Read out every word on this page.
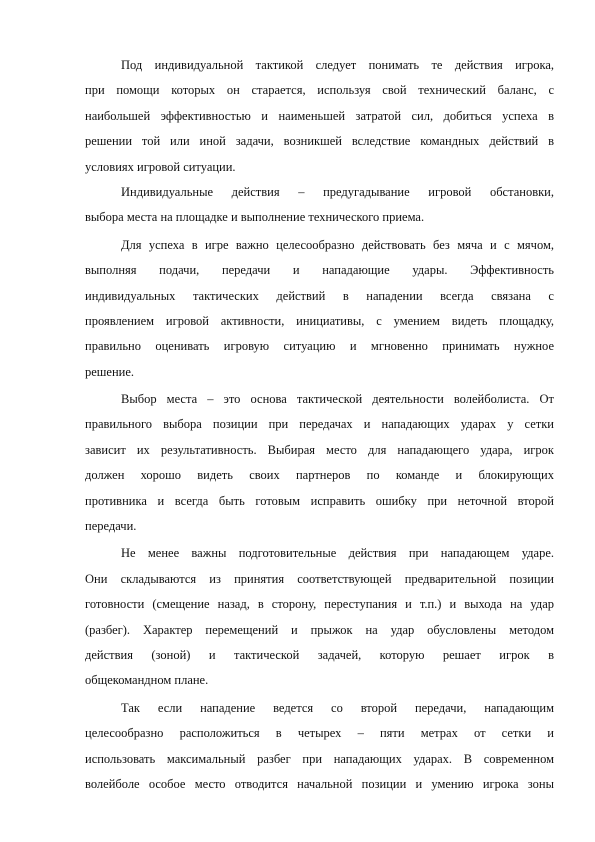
Под индивидуальной тактикой следует понимать те действия игрока,
при помощи которых он старается, используя свой технический баланс, с
наибольшей эффективностью и наименьшей затратой сил, добиться успеха в
решении той или иной задачи, возникшей вследствие командных действий в
условиях игровой ситуации.
Индивидуальные действия – предугадывание игровой обстановки,
выбора места на площадке и выполнение технического приема.
Для успеха в игре важно целесообразно действовать без мяча и с мячом,
выполняя подачи, передачи и нападающие удары. Эффективность
индивидуальных тактических действий в нападении всегда связана с
проявлением игровой активности, инициативы, с умением видеть площадку,
правильно оценивать игровую ситуацию и мгновенно принимать нужное
решение.
Выбор места – это основа тактической деятельности волейболиста. От
правильного выбора позиции при передачах и нападающих ударах у сетки
зависит их результативность. Выбирая место для нападающего удара, игрок
должен хорошо видеть своих партнеров по команде и блокирующих
противника и всегда быть готовым исправить ошибку при неточной второй
передачи.
Не менее важны подготовительные действия при нападающем ударе.
Они складываются из принятия соответствующей предварительной позиции
готовности (смещение назад, в сторону, переступания и т.п.) и выхода на удар
(разбег). Характер перемещений и прыжок на удар обусловлены методом
действия (зоной) и тактической задачей, которую решает игрок в
общекомандном плане.
Так если нападение ведется со второй передачи, нападающим
целесообразно расположиться в четырех – пяти метрах от сетки и
использовать максимальный разбег при нападающих ударах. В современном
волейболе особое место отводится начальной позиции и умению игрока зоны
